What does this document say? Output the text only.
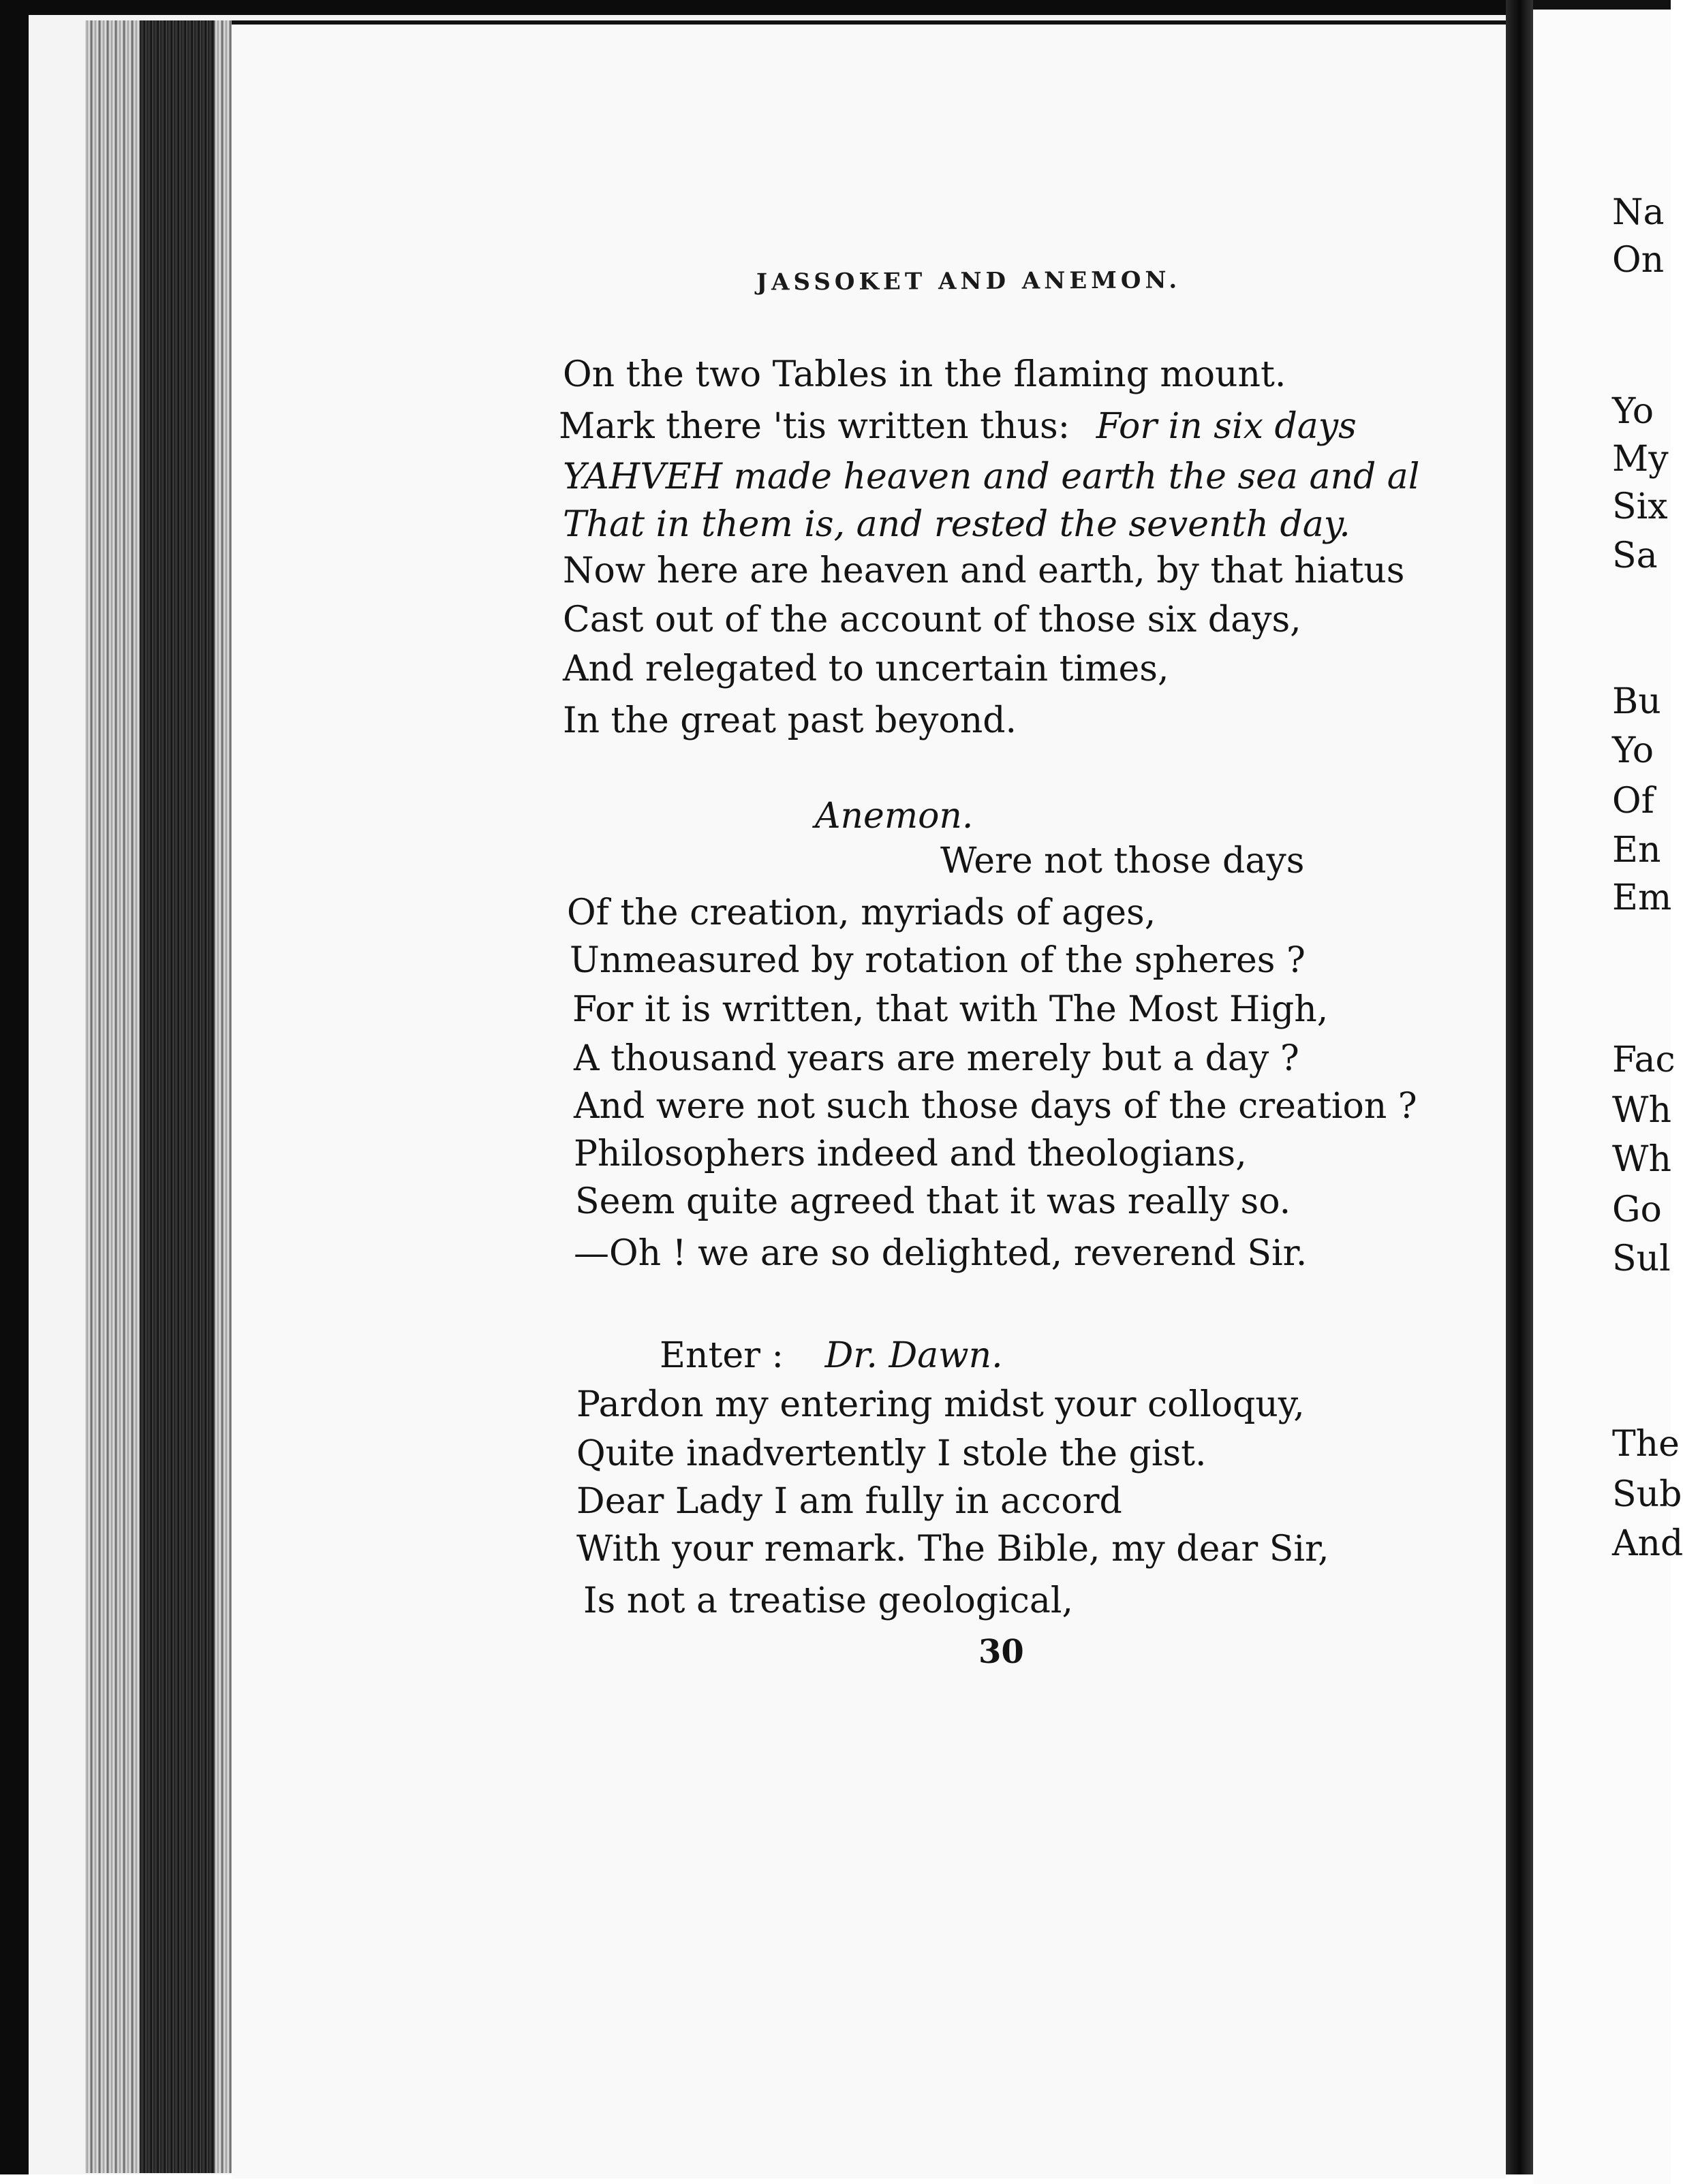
JASSOKET AND ANEMON.
On the two Tables in the flaming mount.
Mark there 'tis written thus: For in six days
YAHVEH made heaven and earth the sea and al
That in them is, and rested the seventh day.
Now here are heaven and earth, by that hiatus
Cast out of the account of those six days,
And relegated to uncertain times,
In the great past beyond.
Anemon.
Were not those days
Of the creation, myriads of ages,
Unmeasured by rotation of the spheres ?
For it is written, that with The Most High,
A thousand years are merely but a day ?
And were not such those days of the creation ?
Philosophers indeed and theologians,
Seem quite agreed that it was really so.
—Oh ! we are so delighted, reverend Sir.
Enter : Dr. Dawn.
Pardon my entering midst your colloquy,
Quite inadvertently I stole the gist.
Dear Lady I am fully in accord
With your remark. The Bible, my dear Sir,
Is not a treatise geological,
30
Na
On
Yo
My
Six
Sa
Bu
Yo
Of
En
Em
Fac
Wh
Wh
Go
Sul
The
Sub
And
